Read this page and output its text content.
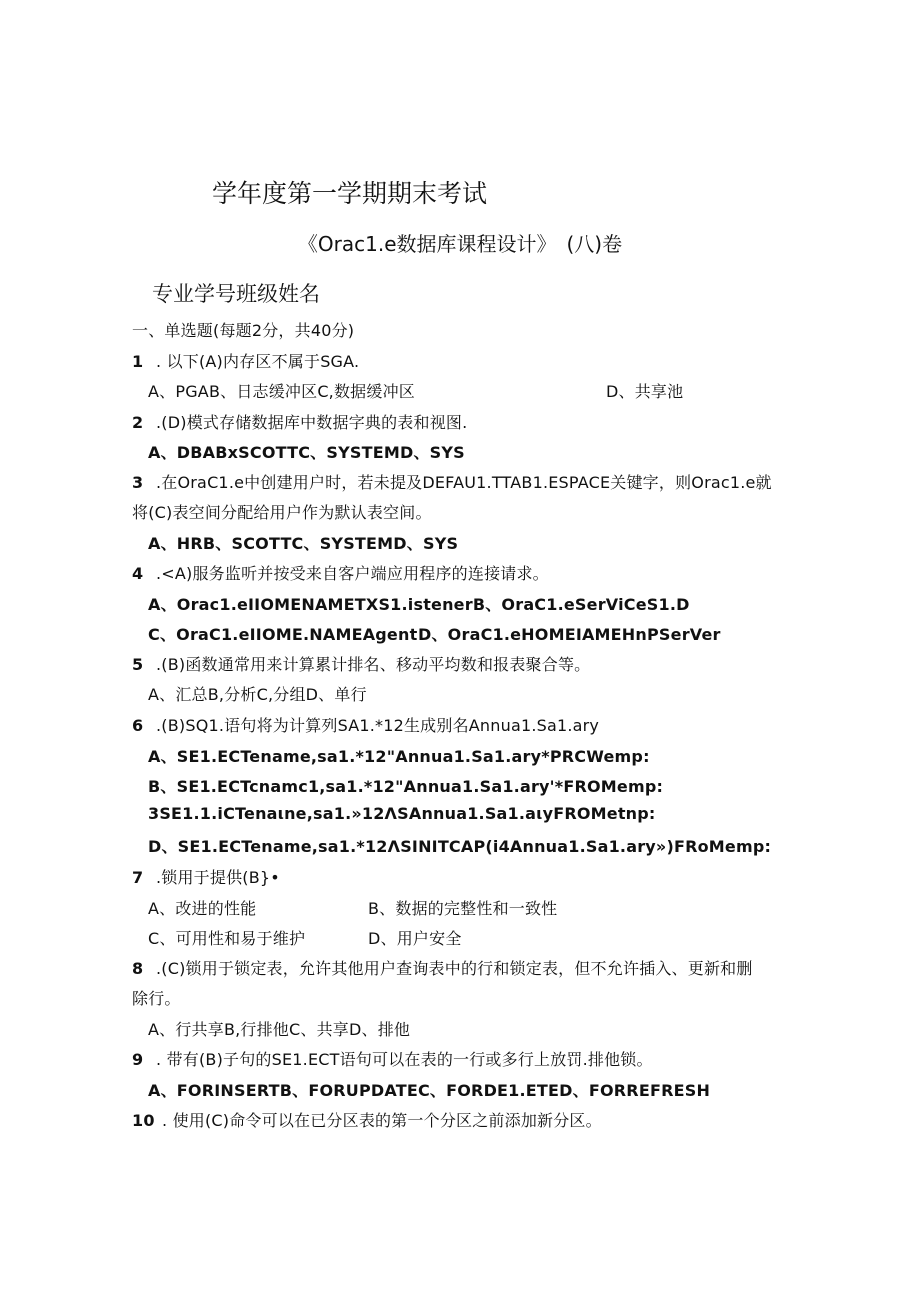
学年度第一学期期末考试
《Orac1.e数据库课程设计》 (八)卷
专业学号班级姓名
一、单选题(每题2分，共40分)
1 . 以下(A)内存区不属于SGA.
A、PGAB、日志缓冲区C,数据缓冲区	D、共享池
2 .(D)模式存储数据库中数据字典的表和视图.
A、DBABxSCOTTC、SYSTEMD、SYS
3 .在OraC1.e中创建用户时，若未提及DEFAU1.TTAB1.ESPACE关键字，则Orac1.e就
将(C)表空间分配给用户作为默认表空间。
A、HRB、SCOTTC、SYSTEMD、SYS
4 .<A)服务监听并按受来自客户端应用程序的连接请求。
A、Orac1.eIIOMENAMETXS1.istenerB、OraC1.eSerViCeS1.D
C、OraC1.eIIOME.NAMEAgent D、OraC1.eHOMEIAMEHnPSerVer
5 .(B)函数通常用来计算累计排名、移动平均数和报表聚合等。
A、汇总B,分析C,分组D、单行
6 .(B)SQ1.语句将为计算列SA1.*12生成别名Annua1.Sa1.ary
A、SE1.ECTename,sa1.*12"Annua1.Sa1.ary*PRCWemp:
B、SE1.ECTcnamc1,sa1.*12"Annua1.Sa1.ary'*FROMemp:
3SE1.1.iCTenaιne,sa1.»12ΛSAnnua1.Sa1.aιyFROMetnp:
D、SE1.ECTename,sa1.*12ΛSINITCAP(i4Annua1.Sa1.ary»)FRoMemp:
7 .锁用于提供(B}•
A、改进的性能	B、数据的完整性和一致性
C、可用性和易于维护	D、用户安全
8 .(C)锁用于锁定表，允许其他用户查询表中的行和锁定表，但不允许插入、更新和删
除行。
A、行共享B,行排他C、共享D、排他
9 . 带有(B)子句的SE1.ECT语句可以在表的一行或多行上放罚.排他锁。
A、FORINSERTB、FORUPDATEC、FORDE1.ETED、FORREFRESH
10 . 使用(C)命令可以在已分区表的第一个分区之前添加新分区。
